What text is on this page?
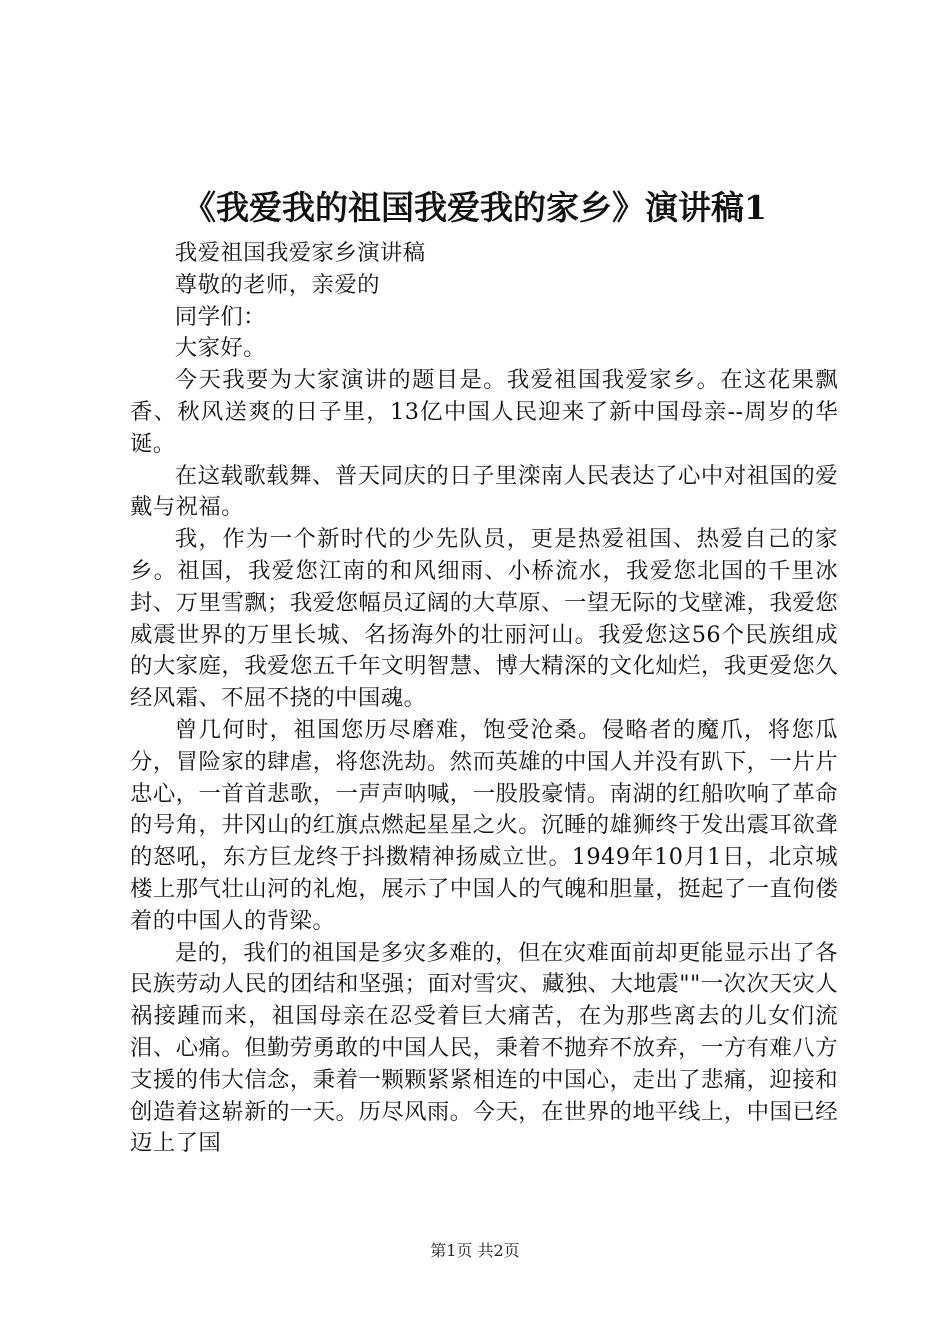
《我爱我的祖国我爱我的家乡》演讲稿1

我爱祖国我爱家乡演讲稿

尊敬的老师，亲爱的

同学们：

大家好。

今天我要为大家演讲的题目是。我爱祖国我爱家乡。在这花果飘香、秋风送爽的日子里，13亿中国人民迎来了新中国母亲--周岁的华诞。

在这载歌载舞、普天同庆的日子里滦南人民表达了心中对祖国的爱戴与祝福。

我，作为一个新时代的少先队员，更是热爱祖国、热爱自己的家乡。祖国，我爱您江南的和风细雨、小桥流水，我爱您北国的千里冰封、万里雪飘；我爱您幅员辽阔的大草原、一望无际的戈壁滩，我爱您威震世界的万里长城、名扬海外的壮丽河山。我爱您这56个民族组成的大家庭，我爱您五千年文明智慧、博大精深的文化灿烂，我更爱您久经风霜、不屈不挠的中国魂。

曾几何时，祖国您历尽磨难，饱受沧桑。侵略者的魔爪，将您瓜分，冒险家的肆虐，将您洗劫。然而英雄的中国人并没有趴下，一片片忠心，一首首悲歌，一声声呐喊，一股股豪情。南湖的红船吹响了革命的号角，井冈山的红旗点燃起星星之火。沉睡的雄狮终于发出震耳欲聋的怒吼，东方巨龙终于抖擞精神扬威立世。1949年10月1日，北京城楼上那气壮山河的礼炮，展示了中国人的气魄和胆量，挺起了一直佝偻着的中国人的背梁。

是的，我们的祖国是多灾多难的，但在灾难面前却更能显示出了各民族劳动人民的团结和坚强；面对雪灾、藏独、大地震""一次次天灾人祸接踵而来，祖国母亲在忍受着巨大痛苦，在为那些离去的儿女们流泪、心痛。但勤劳勇敢的中国人民，秉着不抛弃不放弃，一方有难八方支援的伟大信念，秉着一颗颗紧紧相连的中国心，走出了悲痛，迎接和创造着这崭新的一天。历尽风雨。今天，在世界的地平线上，中国已经迈上了国

第1页 共2页
